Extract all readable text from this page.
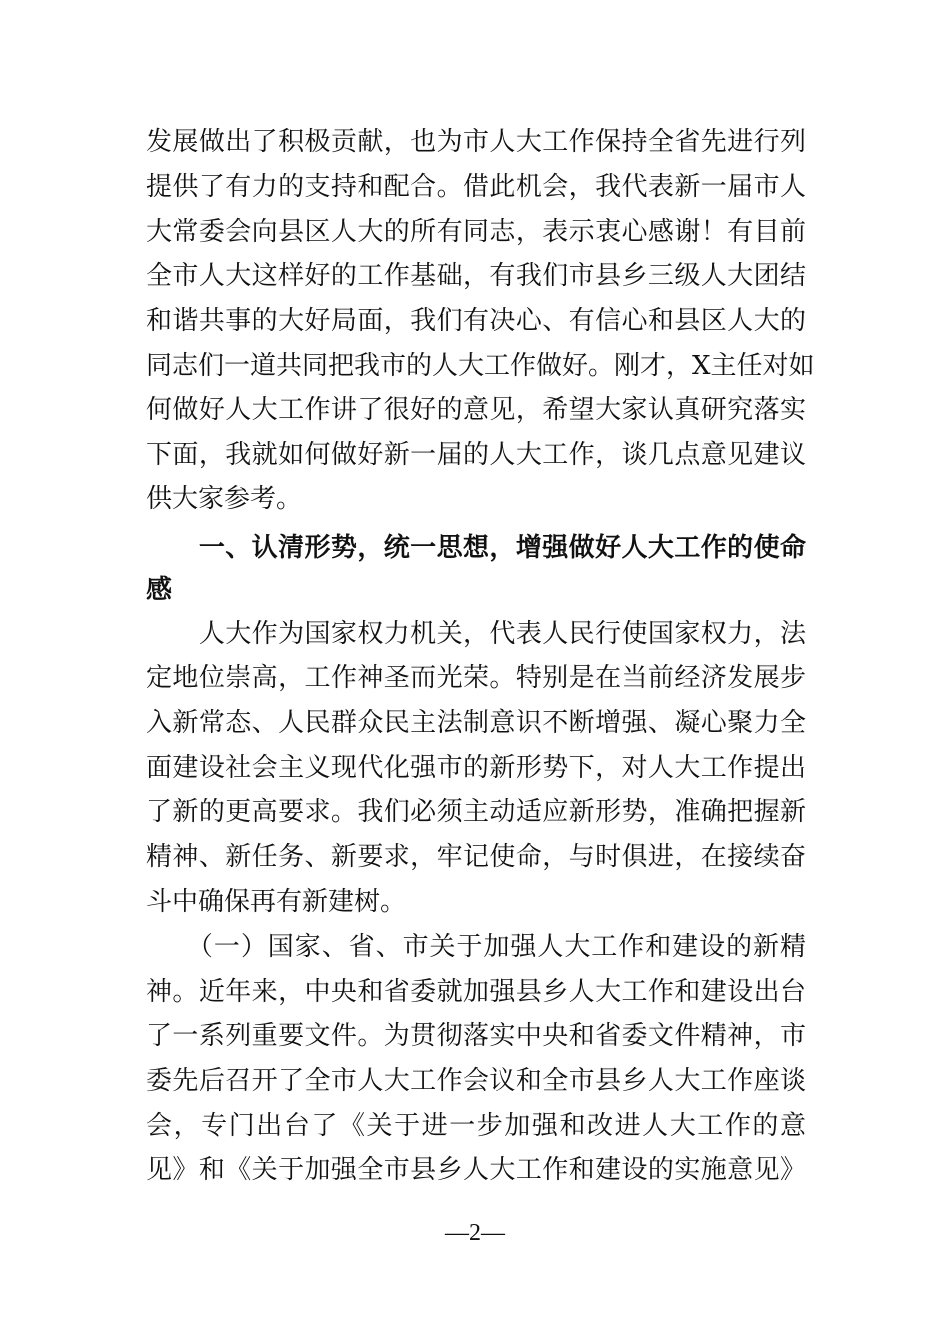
发展做出了积极贡献，也为市人大工作保持全省先进行列
提供了有力的支持和配合。借此机会，我代表新一届市人
大常委会向县区人大的所有同志，表示衷心感谢！有目前
全市人大这样好的工作基础，有我们市县乡三级人大团结
和谐共事的大好局面，我们有决心、有信心和县区人大的
同志们一道共同把我市的人大工作做好。刚才，X主任对如
何做好人大工作讲了很好的意见，希望大家认真研究落实
下面，我就如何做好新一届的人大工作，谈几点意见建议
供大家参考。
　　一、认清形势，统一思想，增强做好人大工作的使命
感
　　人大作为国家权力机关，代表人民行使国家权力，法
定地位崇高，工作神圣而光荣。特别是在当前经济发展步
入新常态、人民群众民主法制意识不断增强、凝心聚力全
面建设社会主义现代化强市的新形势下，对人大工作提出
了新的更高要求。我们必须主动适应新形势，准确把握新
精神、新任务、新要求，牢记使命，与时俱进，在接续奋
斗中确保再有新建树。
　　（一）国家、省、市关于加强人大工作和建设的新精
神。近年来，中央和省委就加强县乡人大工作和建设出台
了一系列重要文件。为贯彻落实中央和省委文件精神，市
委先后召开了全市人大工作会议和全市县乡人大工作座谈
会，专门出台了《关于进一步加强和改进人大工作的意
见》和《关于加强全市县乡人大工作和建设的实施意见》
—2—
